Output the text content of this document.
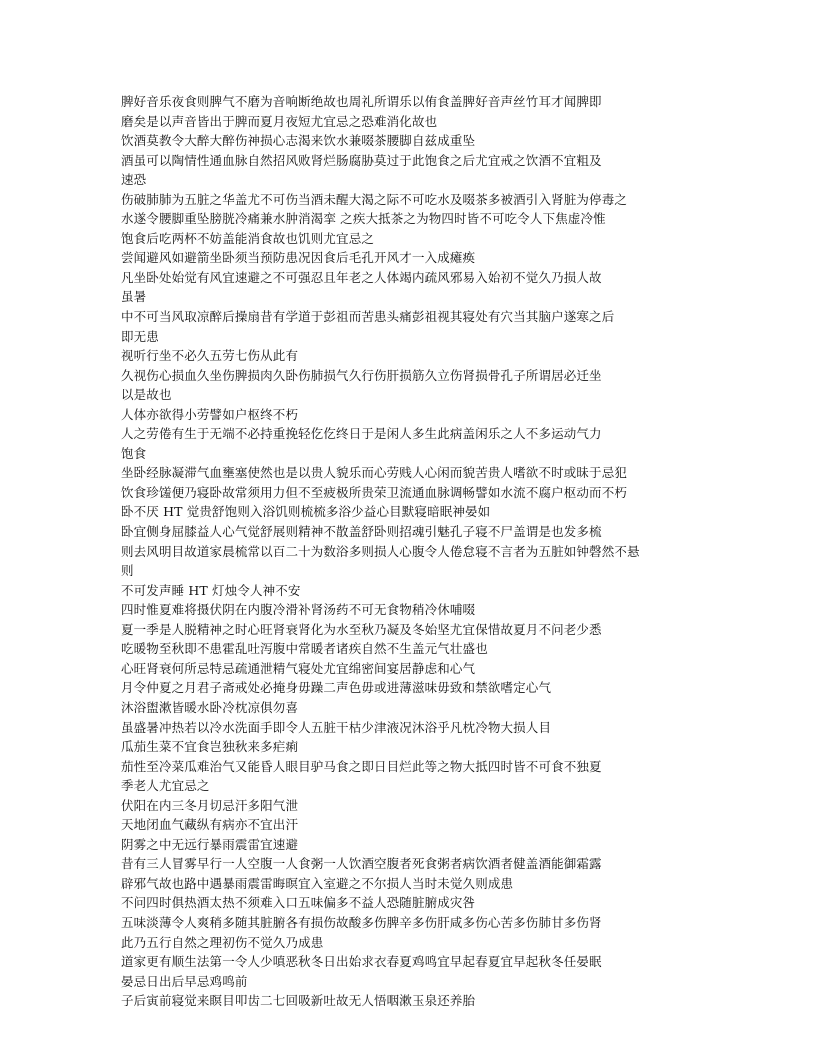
脾好音乐夜食则脾气不磨为音响断绝故也周礼所谓乐以侑食盖脾好音声丝竹耳才闻脾即
磨矣是以声音皆出于脾而夏月夜短尤宜忌之恐难消化故也
饮酒莫教令大醉大醉伤神损心志渴来饮水兼啜茶腰脚自兹成重坠
酒虽可以陶情性通血脉自然招风败肾烂肠腐胁莫过于此饱食之后尤宜戒之饮酒不宜粗及
速恐
伤破肺肺为五脏之华盖尤不可伤当酒未醒大渴之际不可吃水及啜茶多被酒引入肾脏为停毒之
水遂令腰脚重坠膀胱冷痛兼水肿消渴挛 之疾大抵茶之为物四时皆不可吃令人下焦虚冷惟
饱食后吃两杯不妨盖能消食故也饥则尤宜忌之
尝闻避风如避箭坐卧须当预防患况因食后毛孔开风才一入成瘫痪
凡坐卧处始觉有风宜速避之不可强忍且年老之人体竭内疏风邪易入始初不觉久乃损人故
虽暑
中不可当风取凉醉后操扇昔有学道于彭祖而苦患头痛彭祖视其寝处有穴当其脑户遂寒之后
即无患
视听行坐不必久五劳七伤从此有
久视伤心损血久坐伤脾损肉久卧伤肺损气久行伤肝损筋久立伤肾损骨孔子所谓居必迁坐
以是故也
人体亦欲得小劳譬如户枢终不朽
人之劳倦有生于无端不必持重挽轻仡仡终日于是闲人多生此病盖闲乐之人不多运动气力
饱食
坐卧经脉凝滞气血壅塞使然也是以贵人貌乐而心劳贱人心闲而貌苦贵人嗜欲不时或昧于忌犯
饮食珍馐便乃寝卧故常须用力但不至疲极所贵荣卫流通血脉调畅譬如水流不腐户枢动而不朽
卧不厌 HT 觉贵舒饱则入浴饥则梳梳多浴少益心目默寝暗眠神晏如
卧宜侧身屈膝益人心气觉舒展则精神不散盖舒卧则招魂引魅孔子寝不尸盖谓是也发多梳
则去风明目故道家晨梳常以百二十为数浴多则损人心腹令人倦怠寝不言者为五脏如钟磬然不悬
则
不可发声睡 HT 灯烛令人神不安
四时惟夏难将摄伏阴在内腹冷滑补肾汤药不可无食物稍冷休哺啜
夏一季是人脱精神之时心旺肾衰肾化为水至秋乃凝及冬始坚尤宜保惜故夏月不问老少悉
吃暖物至秋即不患霍乱吐泻腹中常暖者诸疾自然不生盖元气壮盛也
心旺肾衰何所忌特忌疏通泄精气寝处尤宜绵密间宴居静虑和心气
月令仲夏之月君子斋戒处必掩身毋躁二声色毋或进薄滋味毋致和禁欲嗜定心气
沐浴盥漱皆暖水卧冷枕凉俱勿喜
虽盛暑冲热若以冷水洗面手即令人五脏干枯少津液况沐浴乎凡枕冷物大损人目
瓜茄生菜不宜食岂独秋来多疟痢
茄性至冷菜瓜难治气又能昏人眼目驴马食之即日目烂此等之物大抵四时皆不可食不独夏
季老人尤宜忌之
伏阳在内三冬月切忌汗多阳气泄
天地闭血气藏纵有病亦不宜出汗
阴雾之中无远行暴雨震雷宜速避
昔有三人冒雾早行一人空腹一人食粥一人饮酒空腹者死食粥者病饮酒者健盖酒能御霜露
辟邪气故也路中遇暴雨震雷晦暝宜入室避之不尔损人当时未觉久则成患
不问四时俱热酒太热不须难入口五味偏多不益人恐随脏腑成灾咎
五味淡薄令人爽稍多随其脏腑各有损伤故酸多伤脾辛多伤肝咸多伤心苦多伤肺甘多伤肾
此乃五行自然之理初伤不觉久乃成患
道家更有顺生法第一令人少嗔恶秋冬日出始求衣春夏鸡鸣宜早起春夏宜早起秋冬任晏眠
晏忌日出后早忌鸡鸣前
子后寅前寝觉来瞑目叩齿二七回吸新吐故无人悟咽漱玉泉还养胎
